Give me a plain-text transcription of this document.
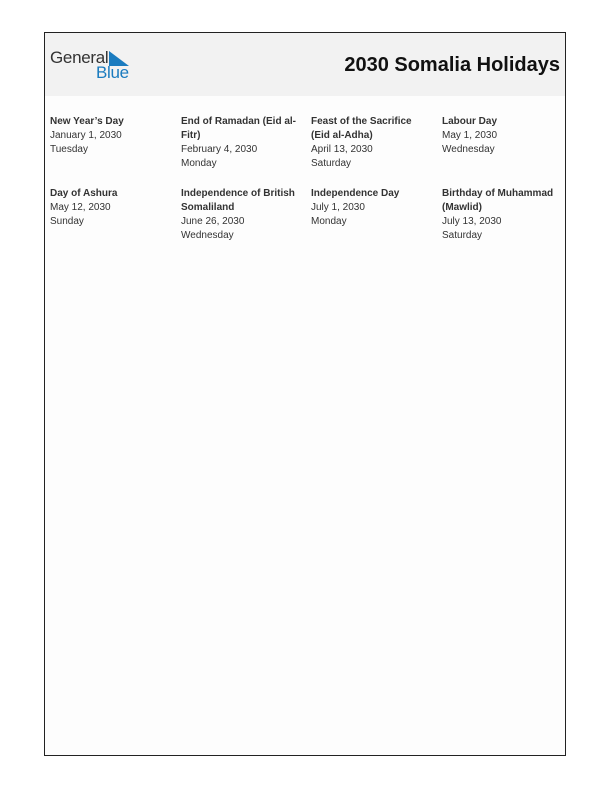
General
Blue	2030 Somalia Holidays
New Year’s Day
January 1, 2030
Tuesday
End of Ramadan (Eid al-Fitr)
February 4, 2030
Monday
Feast of the Sacrifice (Eid al-Adha)
April 13, 2030
Saturday
Labour Day
May 1, 2030
Wednesday
Day of Ashura
May 12, 2030
Sunday
Independence of British Somaliland
June 26, 2030
Wednesday
Independence Day
July 1, 2030
Monday
Birthday of Muhammad (Mawlid)
July 13, 2030
Saturday
